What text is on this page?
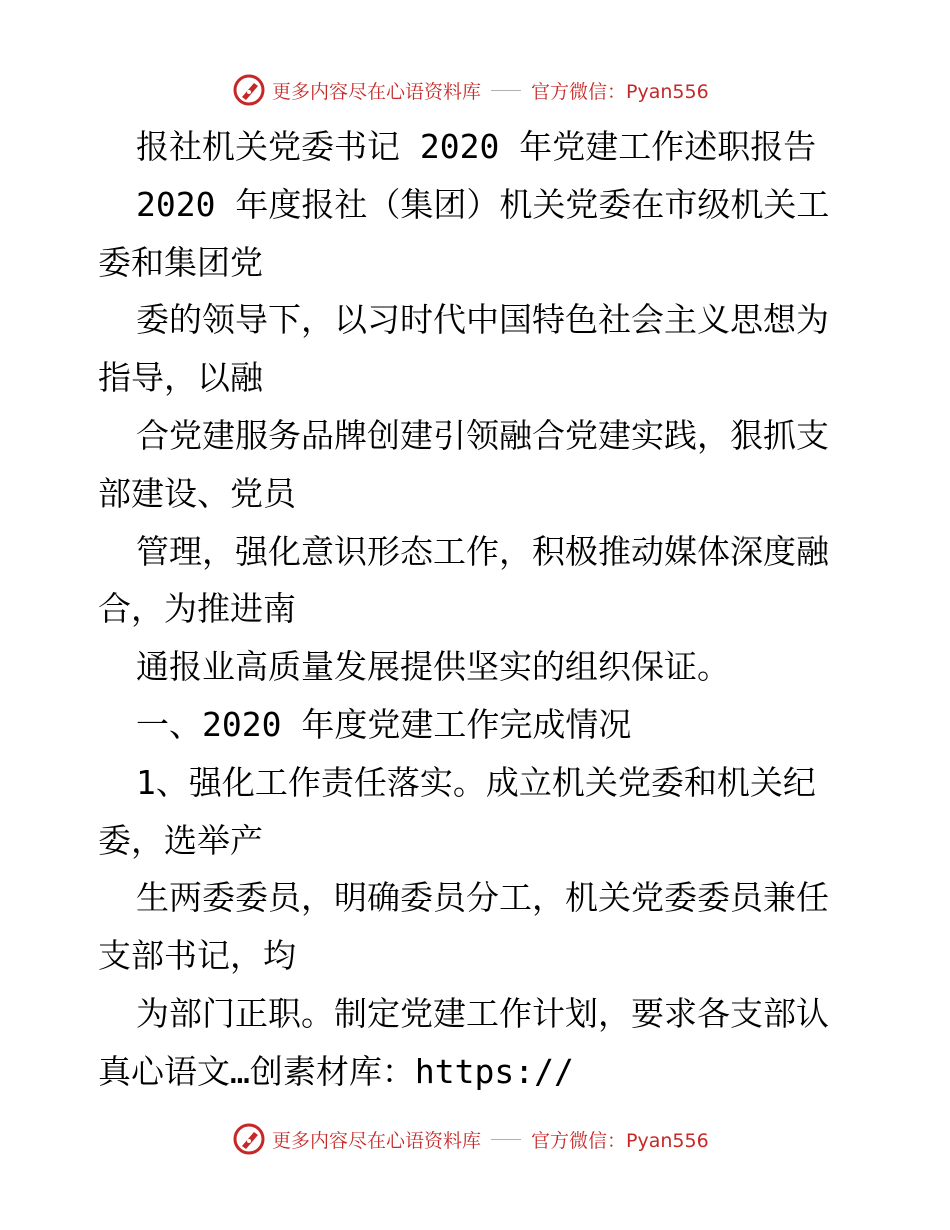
更多内容尽在心语资料库	官方微信：Pyan556
报社机关党委书记 2020 年党建工作述职报告
2020 年度报社（集团）机关党委在市级机关工
委和集团党
委的领导下，以习时代中国特色社会主义思想为
指导，以融
合党建服务品牌创建引领融合党建实践，狠抓支
部建设、党员
管理，强化意识形态工作，积极推动媒体深度融
合，为推进南
通报业高质量发展提供坚实的组织保证。
一、2020 年度党建工作完成情况
1、强化工作责任落实。成立机关党委和机关纪
委，选举产
生两委委员，明确委员分工，机关党委委员兼任
支部书记，均
为部门正职。制定党建工作计划，要求各支部认
真心语文…创素材库：https://
更多内容尽在心语资料库	官方微信：Pyan556
